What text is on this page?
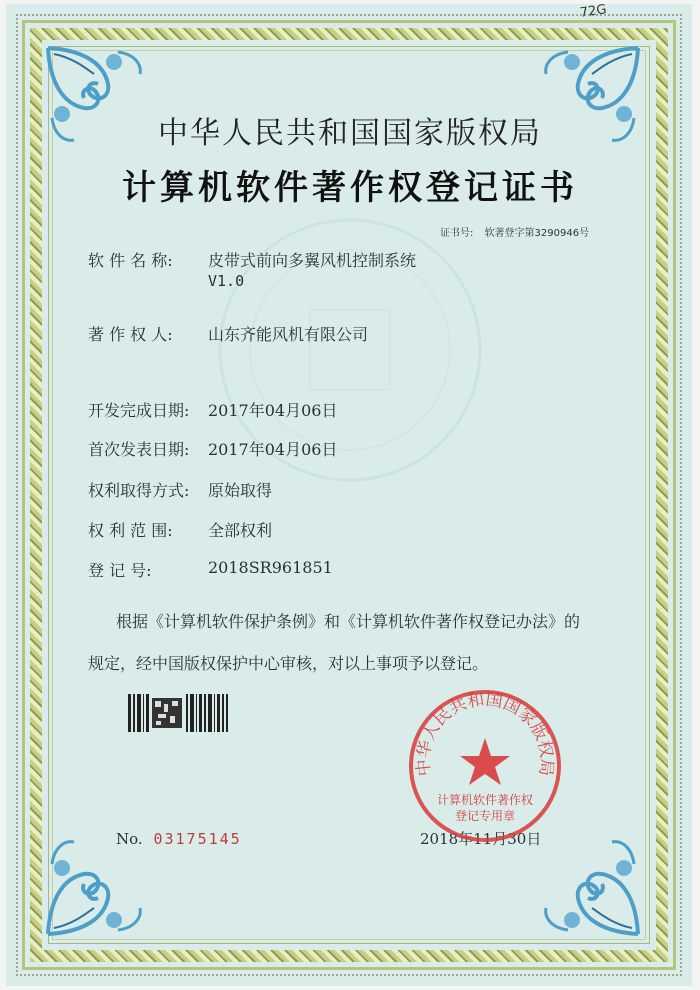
72G
中华人民共和国国家版权局
计算机软件著作权登记证书
证书号: 软著登字第3290946号
软 件 名 称:	皮带式前向多翼风机控制系统
V1.0
著 作 权 人:	山东齐能风机有限公司
开发完成日期:	2017年04月06日
首次发表日期:	2017年04月06日
权利取得方式:	原始取得
权 利 范 围:	全部权利
登 记 号:	2018SR961851
根据《计算机软件保护条例》和《计算机软件著作权登记办法》的
规定，经中国版权保护中心审核，对以上事项予以登记。
No. 03175145	2018年11月30日
中华人民共和国国家版权局
计算机软件著作权
登记专用章
